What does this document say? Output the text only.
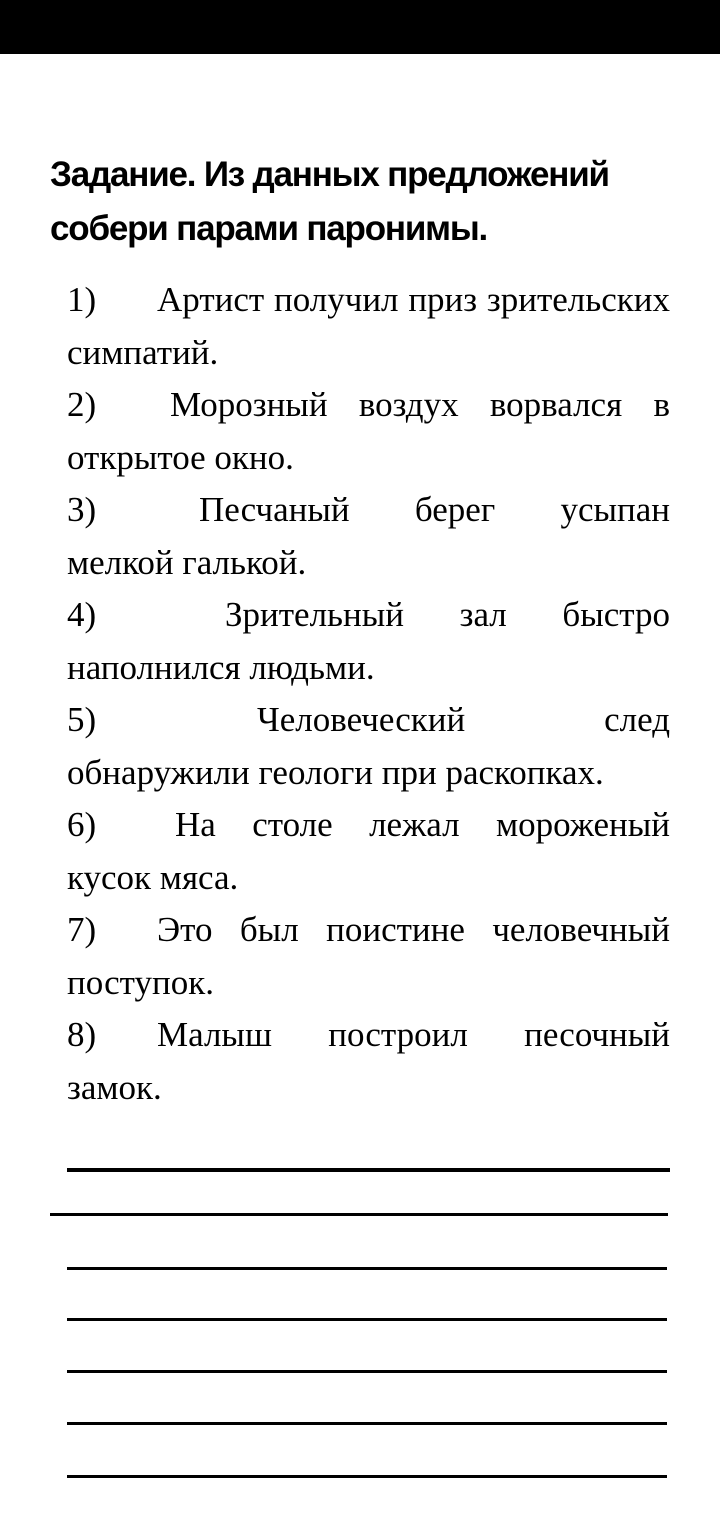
Задание. Из данных предложений
собери парами паронимы.
1) Артист получил приз зрительских симпатий.
2) Морозный воздух ворвался в открытое окно.
3)	Песчаный берег усыпан мелкой галькой.
4)	Зрительный зал быстро наполнился людьми.
5)	Человеческий след обнаружили геологи при раскопках.
6) На столе лежал мороженый кусок мяса.
7) Это был поистине человечный поступок.
8) Малыш построил песочный замок.
